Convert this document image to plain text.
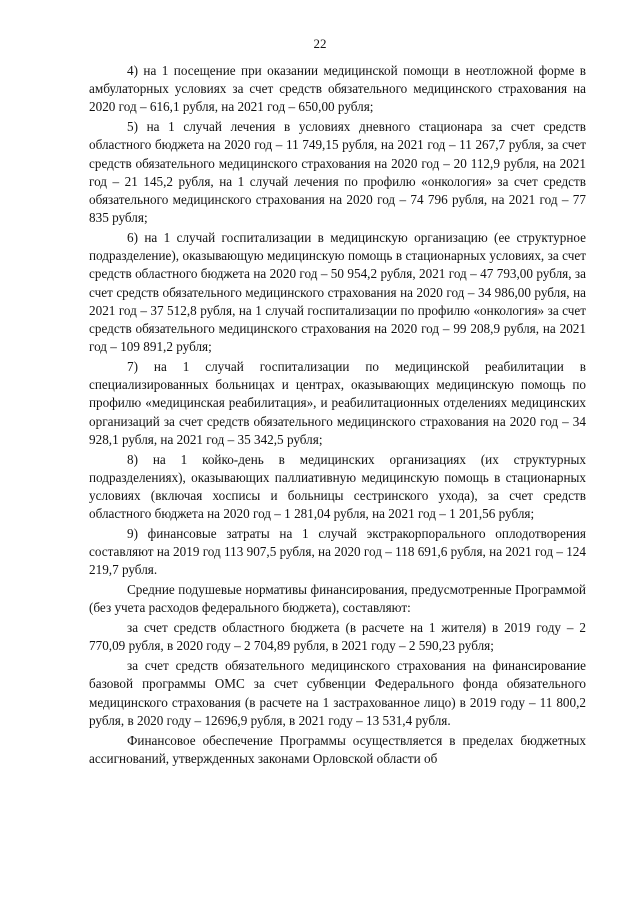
22

4) на 1 посещение при оказании медицинской помощи в неотложной форме в амбулаторных условиях за счет средств обязательного медицинского страхования на 2020 год – 616,1 рубля, на 2021 год – 650,00 рубля;

5) на 1 случай лечения в условиях дневного стационара за счет средств областного бюджета на 2020 год – 11 749,15 рубля, на 2021 год – 11 267,7 рубля, за счет средств обязательного медицинского страхования на 2020 год – 20 112,9 рубля, на 2021 год – 21 145,2 рубля, на 1 случай лечения по профилю «онкология» за счет средств обязательного медицинского страхования на 2020 год – 74 796 рубля, на 2021 год – 77 835 рубля;

6) на 1 случай госпитализации в медицинскую организацию (ее структурное подразделение), оказывающую медицинскую помощь в стационарных условиях, за счет средств областного бюджета на 2020 год – 50 954,2 рубля, 2021 год – 47 793,00 рубля, за счет средств обязательного медицинского страхования на 2020 год – 34 986,00 рубля, на 2021 год – 37 512,8 рубля, на 1 случай госпитализации по профилю «онкология» за счет средств обязательного медицинского страхования на 2020 год – 99 208,9 рубля, на 2021 год – 109 891,2 рубля;

7) на 1 случай госпитализации по медицинской реабилитации в специализированных больницах и центрах, оказывающих медицинскую помощь по профилю «медицинская реабилитация», и реабилитационных отделениях медицинских организаций за счет средств обязательного медицинского страхования на 2020 год – 34 928,1 рубля, на 2021 год – 35 342,5 рубля;

8) на 1 койко-день в медицинских организациях (их структурных подразделениях), оказывающих паллиативную медицинскую помощь в стационарных условиях (включая хосписы и больницы сестринского ухода), за счет средств областного бюджета на 2020 год – 1 281,04 рубля, на 2021 год – 1 201,56 рубля;

9) финансовые затраты на 1 случай экстракорпорального оплодотворения составляют на 2019 год 113 907,5 рубля, на 2020 год – 118 691,6 рубля, на 2021 год – 124 219,7 рубля.

Средние подушевые нормативы финансирования, предусмотренные Программой (без учета расходов федерального бюджета), составляют:

за счет средств областного бюджета (в расчете на 1 жителя) в 2019 году – 2 770,09 рубля, в 2020 году – 2 704,89 рубля, в 2021 году – 2 590,23 рубля;

за счет средств обязательного медицинского страхования на финансирование базовой программы ОМС за счет субвенции Федерального фонда обязательного медицинского страхования (в расчете на 1 застрахованное лицо) в 2019 году – 11 800,2 рубля, в 2020 году – 12696,9 рубля, в 2021 году – 13 531,4 рубля.

Финансовое обеспечение Программы осуществляется в пределах бюджетных ассигнований, утвержденных законами Орловской области об
